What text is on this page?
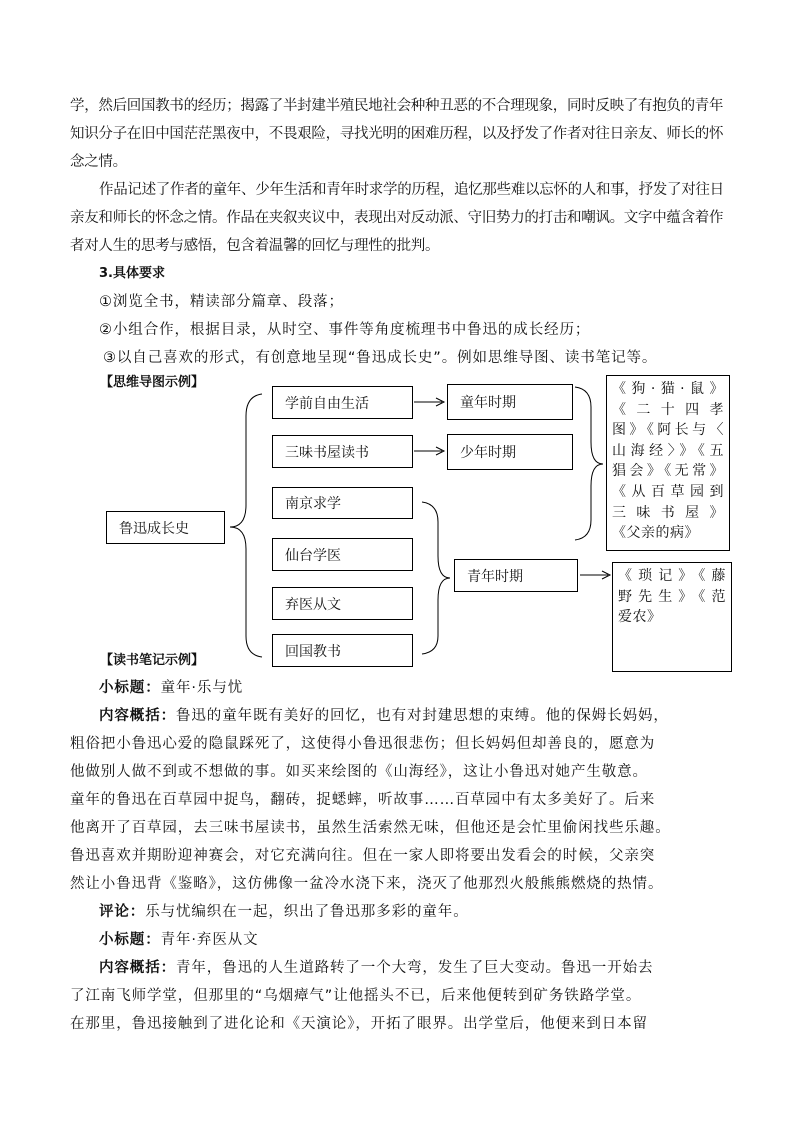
学，然后回国教书的经历；揭露了半封建半殖民地社会种种丑恶的不合理现象，同时反映了有抱负的青年
知识分子在旧中国茫茫黑夜中，不畏艰险，寻找光明的困难历程，以及抒发了作者对往日亲友、师长的怀
念之情。
作品记述了作者的童年、少年生活和青年时求学的历程，追忆那些难以忘怀的人和事，抒发了对往日
亲友和师长的怀念之情。作品在夹叙夹议中，表现出对反动派、守旧势力的打击和嘲讽。文字中蕴含着作
者对人生的思考与感悟，包含着温馨的回忆与理性的批判。
3.具体要求
①浏览全书，精读部分篇章、段落；
②小组合作，根据目录，从时空、事件等角度梳理书中鲁迅的成长经历；
③以自己喜欢的形式，有创意地呈现“鲁迅成长史”。例如思维导图、读书笔记等。
【思维导图示例】
鲁迅成长史
学前自由生活
三味书屋读书
南京求学
仙台学医
弃医从文
回国教书
童年时期
少年时期
青年时期
《狗·猫·鼠》
《二十四孝
图》《阿长与〈
山海经〉》《五
猖会》《无常》
《从百草园到
三味书屋》
《父亲的病》
《琐记》《藤
野先生》《范
爱农》
【读书笔记示例】
小标题：童年·乐与忧
内容概括：鲁迅的童年既有美好的回忆，也有对封建思想的束缚。他的保姆长妈妈，
粗俗把小鲁迅心爱的隐鼠踩死了，这使得小鲁迅很悲伤；但长妈妈但却善良的，愿意为
他做别人做不到或不想做的事。如买来绘图的《山海经》，这让小鲁迅对她产生敬意。
童年的鲁迅在百草园中捉鸟，翻砖，捉蟋蟀，听故事……百草园中有太多美好了。后来
他离开了百草园，去三味书屋读书，虽然生活索然无味，但他还是会忙里偷闲找些乐趣。
鲁迅喜欢并期盼迎神赛会，对它充满向往。但在一家人即将要出发看会的时候，父亲突
然让小鲁迅背《鉴略》，这仿佛像一盆冷水浇下来，浇灭了他那烈火般熊熊燃烧的热情。
评论：乐与忧编织在一起，织出了鲁迅那多彩的童年。
小标题：青年·弃医从文
内容概括：青年，鲁迅的人生道路转了一个大弯，发生了巨大变动。鲁迅一开始去
了江南飞师学堂，但那里的“乌烟瘴气”让他摇头不已，后来他便转到矿务铁路学堂。
在那里，鲁迅接触到了进化论和《天演论》，开拓了眼界。出学堂后，他便来到日本留
